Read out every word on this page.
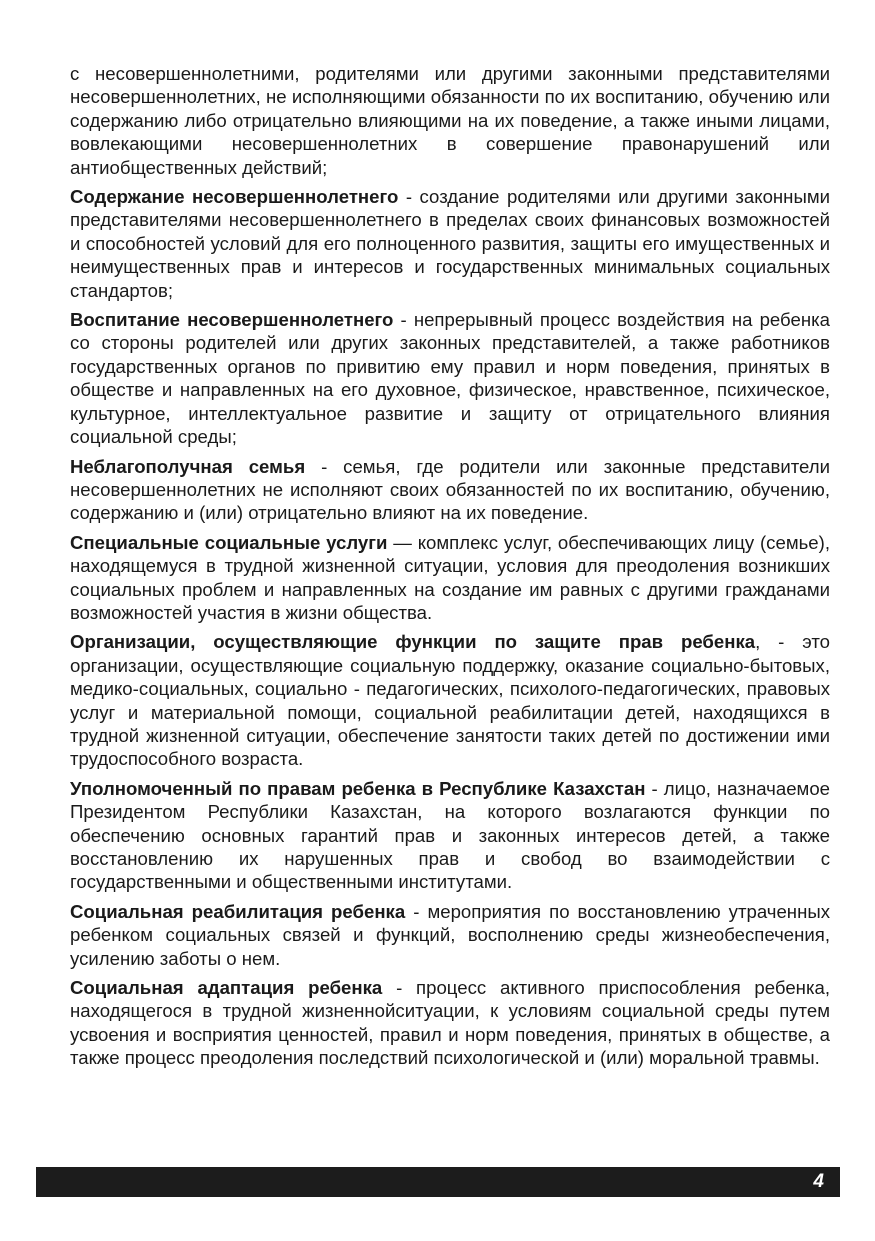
с несовершеннолетними, родителями или другими законными представителями несовершеннолетних, не исполняющими обязанности по их воспитанию, обучению или содержанию либо отрицательно влияющими на их поведение, а также иными лицами, вовлекающими несовершеннолетних в совершение правонарушений или антиобщественных действий;

Содержание несовершеннолетнего - создание родителями или другими законными представителями несовершеннолетнего в пределах своих финансовых возможностей и способностей условий для его полноценного развития, защиты его имущественных и неимущественных прав и интересов и государственных минимальных социальных стандартов;

Воспитание несовершеннолетнего - непрерывный процесс воздействия на ребенка со стороны родителей или других законных представителей, а также работников государственных органов по привитию ему правил и норм поведения, принятых в обществе и направленных на его духовное, физическое, нравственное, психическое, культурное, интеллектуальное развитие и защиту от отрицательного влияния социальной среды;

Неблагополучная семья - семья, где родители или законные представители несовершеннолетних не исполняют своих обязанностей по их воспитанию, обучению, содержанию и (или) отрицательно влияют на их поведение.

Специальные социальные услуги — комплекс услуг, обеспечивающих лицу (семье), находящемуся в трудной жизненной ситуации, условия для преодоления возникших социальных проблем и направленных на создание им равных с другими гражданами возможностей участия в жизни общества.

Организации, осуществляющие функции по защите прав ребенка, - это организации, осуществляющие социальную поддержку, оказание социально-бытовых, медико-социальных, социально - педагогических, психолого-педагогических, правовых услуг и материальной помощи, социальной реабилитации детей, находящихся в трудной жизненной ситуации, обеспечение занятости таких детей по достижении ими трудоспособного возраста.

Уполномоченный по правам ребенка в Республике Казахстан - лицо, назначаемое Президентом Республики Казахстан, на которого возлагаются функции по обеспечению основных гарантий прав и законных интересов детей, а также восстановлению их нарушенных прав и свобод во взаимодействии с государственными и общественными институтами.

Социальная реабилитация ребенка - мероприятия по восстановлению утраченных ребенком социальных связей и функций, восполнению среды жизнеобеспечения, усилению заботы о нем.

Социальная адаптация ребенка - процесс активного приспособления ребенка, находящегося в трудной жизненнойситуации, к условиям социальной среды путем усвоения и восприятия ценностей, правил и норм поведения, принятых в обществе, а также процесс преодоления последствий психологической и (или) моральной травмы.

4
